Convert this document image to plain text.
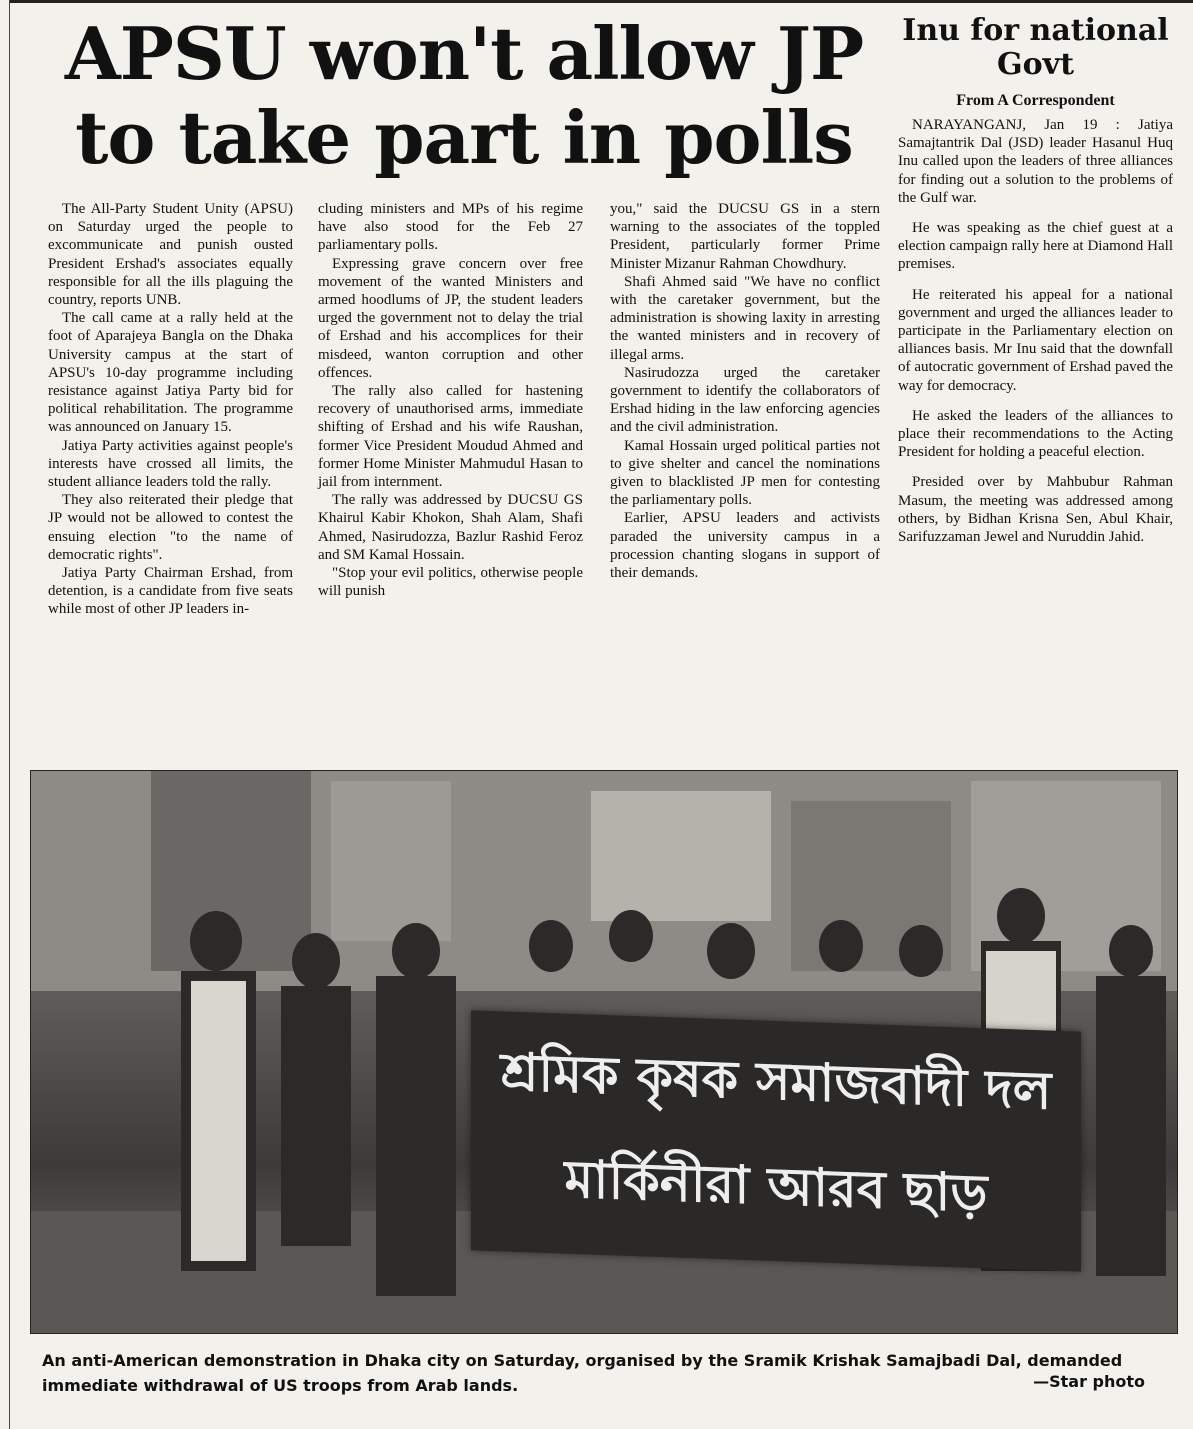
APSU won't allow JP
to take part in polls

The All-Party Student Unity (APSU) on Saturday urged the people to excommunicate and punish ousted President Ershad's associates equally responsible for all the ills plaguing the country, reports UNB.

The call came at a rally held at the foot of Aparajeya Bangla on the Dhaka University campus at the start of APSU's 10-day programme including resistance against Jatiya Party bid for political rehabilitation. The programme was announced on January 15.

Jatiya Party activities against people's interests have crossed all limits, the student alliance leaders told the rally.

They also reiterated their pledge that JP would not be allowed to contest the ensuing election "to the name of democratic rights".

Jatiya Party Chairman Ershad, from detention, is a candidate from five seats while most of other JP leaders in-

cluding ministers and MPs of his regime have also stood for the Feb 27 parliamentary polls.

Expressing grave concern over free movement of the wanted Ministers and armed hoodlums of JP, the student leaders urged the government not to delay the trial of Ershad and his accomplices for their misdeed, wanton corruption and other offences.

The rally also called for hastening recovery of unauthorised arms, immediate shifting of Ershad and his wife Raushan, former Vice President Moudud Ahmed and former Home Minister Mahmudul Hasan to jail from internment.

The rally was addressed by DUCSU GS Khairul Kabir Khokon, Shah Alam, Shafi Ahmed, Nasirudozza, Bazlur Rashid Feroz and SM Kamal Hossain.

"Stop your evil politics, otherwise people will punish

you," said the DUCSU GS in a stern warning to the associates of the toppled President, particularly former Prime Minister Mizanur Rahman Chowdhury.

Shafi Ahmed said "We have no conflict with the caretaker government, but the administration is showing laxity in arresting the wanted ministers and in recovery of illegal arms.

Nasirudozza urged the caretaker government to identify the collaborators of Ershad hiding in the law enforcing agencies and the civil administration.

Kamal Hossain urged political parties not to give shelter and cancel the nominations given to blacklisted JP men for contesting the parliamentary polls.

Earlier, APSU leaders and activists paraded the university campus in a procession chanting slogans in support of their demands.

Inu for national
Govt
From A Correspondent

NARAYANGANJ, Jan 19 : Jatiya Samajtantrik Dal (JSD) leader Hasanul Huq Inu called upon the leaders of three alliances for finding out a solution to the problems of the Gulf war.

He was speaking as the chief guest at a election campaign rally here at Diamond Hall premises.

He reiterated his appeal for a national government and urged the alliances leader to participate in the Parliamentary election on alliances basis. Mr Inu said that the downfall of autocratic government of Ershad paved the way for democracy.

He asked the leaders of the alliances to place their recommendations to the Acting President for holding a peaceful election.

Presided over by Mahbubur Rahman Masum, the meeting was addressed among others, by Bidhan Krisna Sen, Abul Khair, Sarifuzzaman Jewel and Nuruddin Jahid.

শ্রমিক কৃষক সমাজবাদী দল
মার্কিনীরা আরব ছাড়
An anti-American demonstration in Dhaka city on Saturday, organised by the Sramik Krishak Samajbadi Dal, demanded immediate withdrawal of US troops from Arab lands.	—Star photo
